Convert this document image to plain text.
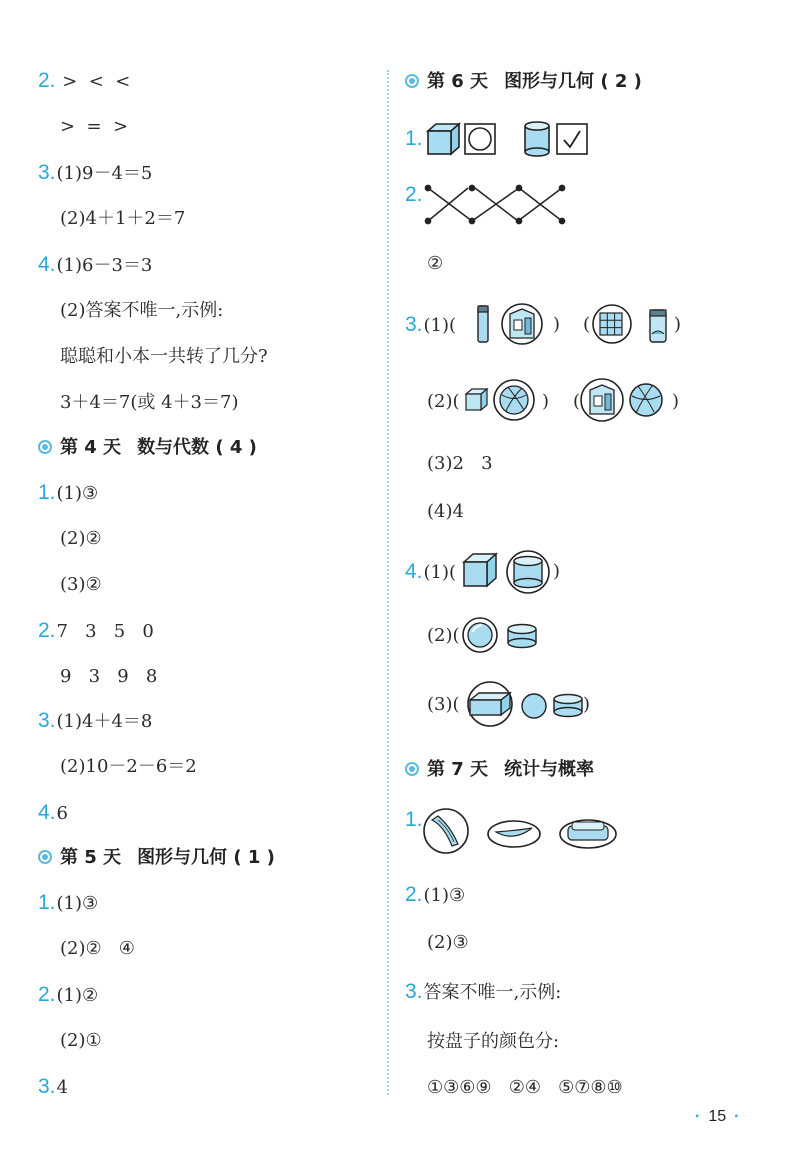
2. >  <  <
>  =  >
3.(1)9－4＝5
(2)4＋1＋2＝7
4.(1)6－3＝3
(2)答案不唯一,示例:
聪聪和小本一共转了几分?
3＋4＝7(或 4＋3＝7)
第 4 天 数与代数 ( 4 )
1.(1)③
(2)②
(3)②
2.7   3   5   0
9   3   9   8
3.(1)4＋4＝8
(2)10－2－6＝2
4.6
第 5 天 图形与几何 ( 1 )
1.(1)③
(2)②   ④
2.(1)②
(2)①
3.4
第 6 天 图形与几何 ( 2 )
1.
2.
②
3.(1)(	) (	)
(2)(	) (	)
(3)2   3
(4)4
4.(1)(	)
(2)(
(3)(	)
第 7 天 统计与概率
1.
2.(1)③
(2)③
3.答案不唯一,示例:
按盘子的颜色分:
①③⑥⑨   ②④   ⑤⑦⑧⑩
· 15 ·
